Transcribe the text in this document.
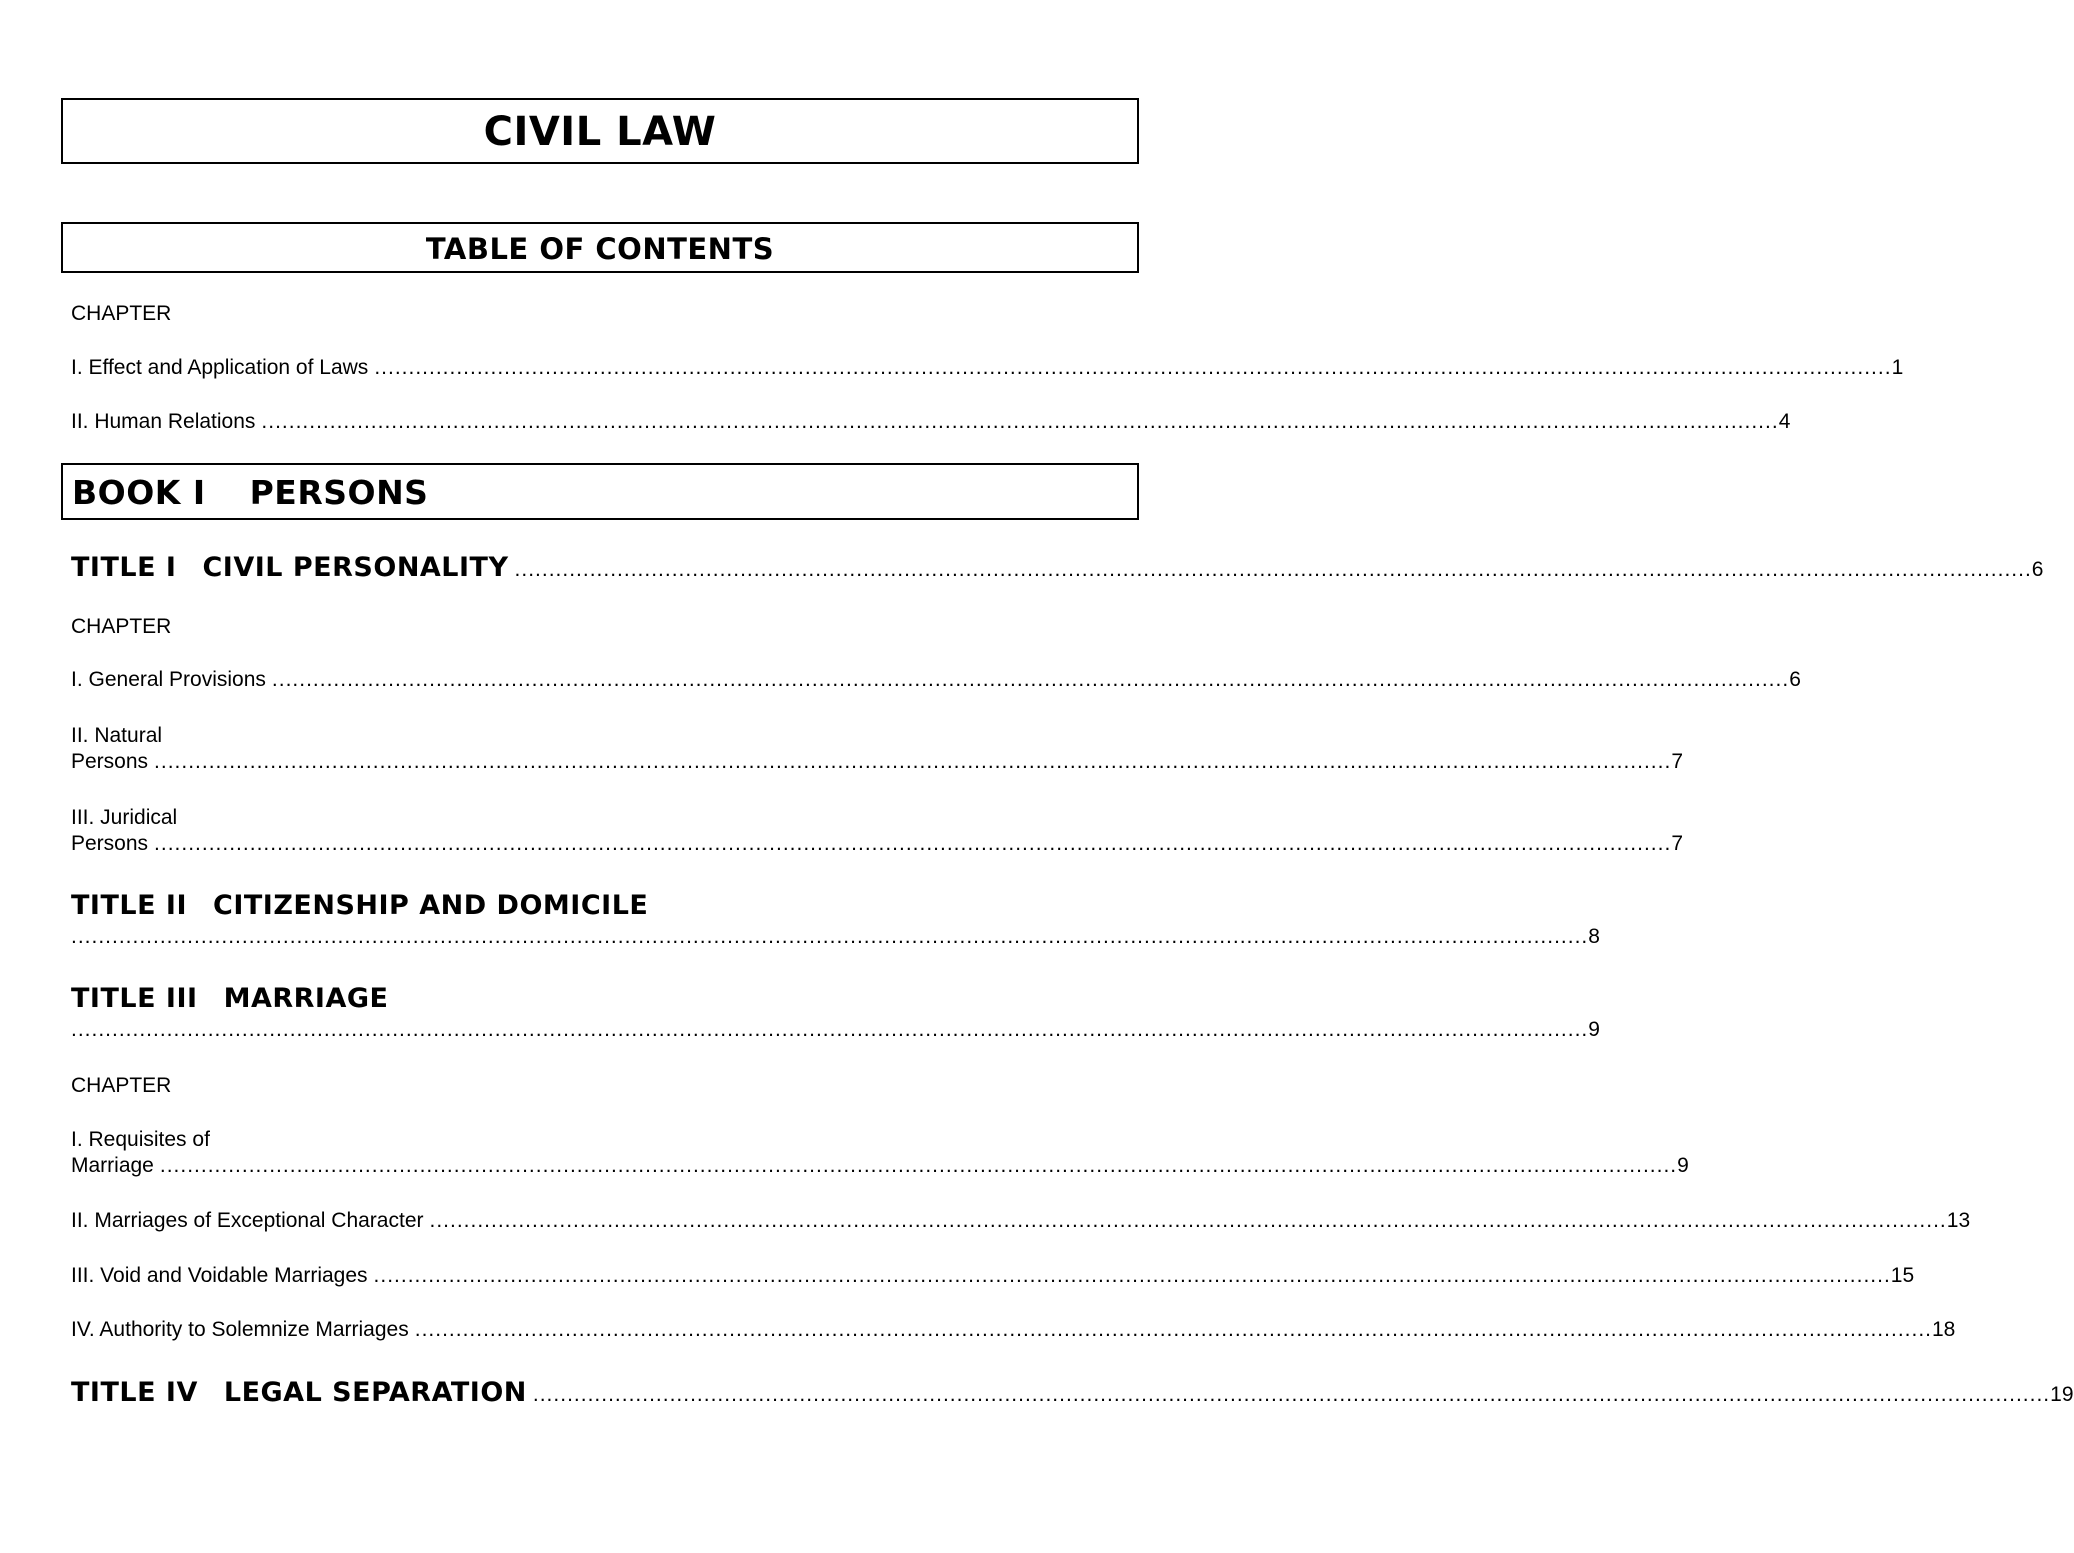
CIVIL LAW
TABLE OF CONTENTS
CHAPTER
I. Effect and Application of Laws .............................................................................................................................................................................................................................. 1
II. Human Relations .............................................................................................................................................................................................................................. 4
BOOK I PERSONS
TITLE I CIVIL PERSONALITY .............................................................................................................................................................................................................................. 6
CHAPTER
I. General Provisions .............................................................................................................................................................................................................................. 6
II. Natural
Persons .............................................................................................................................................................................................................................. 7
III. Juridical
Persons .............................................................................................................................................................................................................................. 7
TITLE II CITIZENSHIP AND DOMICILE
.............................................................................................................................................................................................................................. 8
TITLE III MARRIAGE
.............................................................................................................................................................................................................................. 9
CHAPTER
I. Requisites of
Marriage .............................................................................................................................................................................................................................. 9
II. Marriages of Exceptional Character .............................................................................................................................................................................................................................. 13
III. Void and Voidable Marriages .............................................................................................................................................................................................................................. 15
IV. Authority to Solemnize Marriages .............................................................................................................................................................................................................................. 18
TITLE IV LEGAL SEPARATION .............................................................................................................................................................................................................................. 19
